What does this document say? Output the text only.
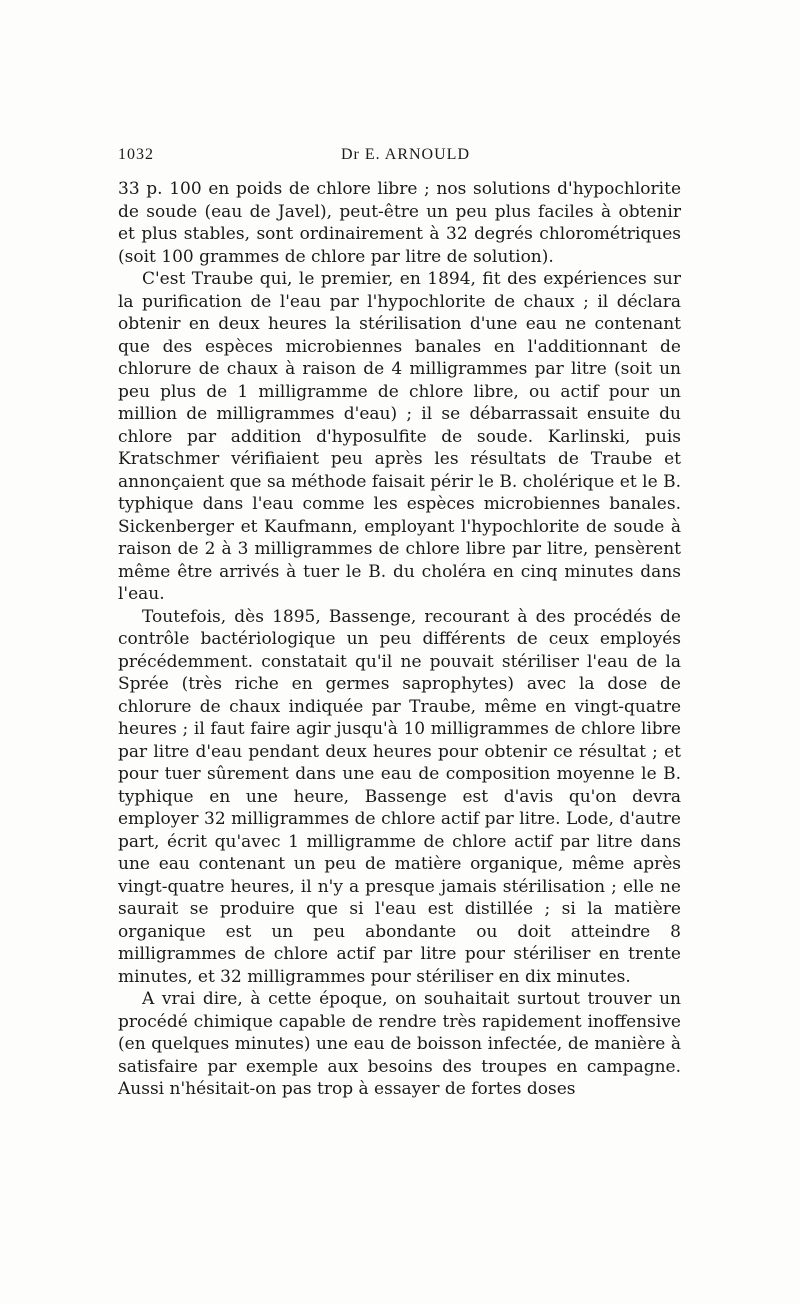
1032	Dr E. ARNOULD

33 p. 100 en poids de chlore libre ; nos solutions d'hypochlorite de soude (eau de Javel), peut-être un peu plus faciles à obtenir et plus stables, sont ordinairement à 32 degrés chlorométriques (soit 100 grammes de chlore par litre de solution).

C'est Traube qui, le premier, en 1894, fit des expériences sur la purification de l'eau par l'hypochlorite de chaux ; il déclara obtenir en deux heures la stérilisation d'une eau ne contenant que des espèces microbiennes banales en l'additionnant de chlorure de chaux à raison de 4 milligrammes par litre (soit un peu plus de 1 milligramme de chlore libre, ou actif pour un million de milligrammes d'eau) ; il se débarrassait ensuite du chlore par addition d'hyposulfite de soude. Karlinski, puis Kratschmer vérifiaient peu après les résultats de Traube et annonçaient que sa méthode faisait périr le B. cholérique et le B. typhique dans l'eau comme les espèces microbiennes banales. Sickenberger et Kaufmann, employant l'hypochlorite de soude à raison de 2 à 3 milligrammes de chlore libre par litre, pensèrent même être arrivés à tuer le B. du choléra en cinq minutes dans l'eau.

Toutefois, dès 1895, Bassenge, recourant à des procédés de contrôle bactériologique un peu différents de ceux employés précédemment. constatait qu'il ne pouvait stériliser l'eau de la Sprée (très riche en germes saprophytes) avec la dose de chlorure de chaux indiquée par Traube, même en vingt-quatre heures ; il faut faire agir jusqu'à 10 milligrammes de chlore libre par litre d'eau pendant deux heures pour obtenir ce résultat ; et pour tuer sûrement dans une eau de composition moyenne le B. typhique en une heure, Bassenge est d'avis qu'on devra employer 32 milligrammes de chlore actif par litre. Lode, d'autre part, écrit qu'avec 1 milligramme de chlore actif par litre dans une eau contenant un peu de matière organique, même après vingt-quatre heures, il n'y a presque jamais stérilisation ; elle ne saurait se produire que si l'eau est distillée ; si la matière organique est un peu abondante ou doit atteindre 8 milligrammes de chlore actif par litre pour stériliser en trente minutes, et 32 milligrammes pour stériliser en dix minutes.

A vrai dire, à cette époque, on souhaitait surtout trouver un procédé chimique capable de rendre très rapidement inoffensive (en quelques minutes) une eau de boisson infectée, de manière à satisfaire par exemple aux besoins des troupes en campagne. Aussi n'hésitait-on pas trop à essayer de fortes doses
